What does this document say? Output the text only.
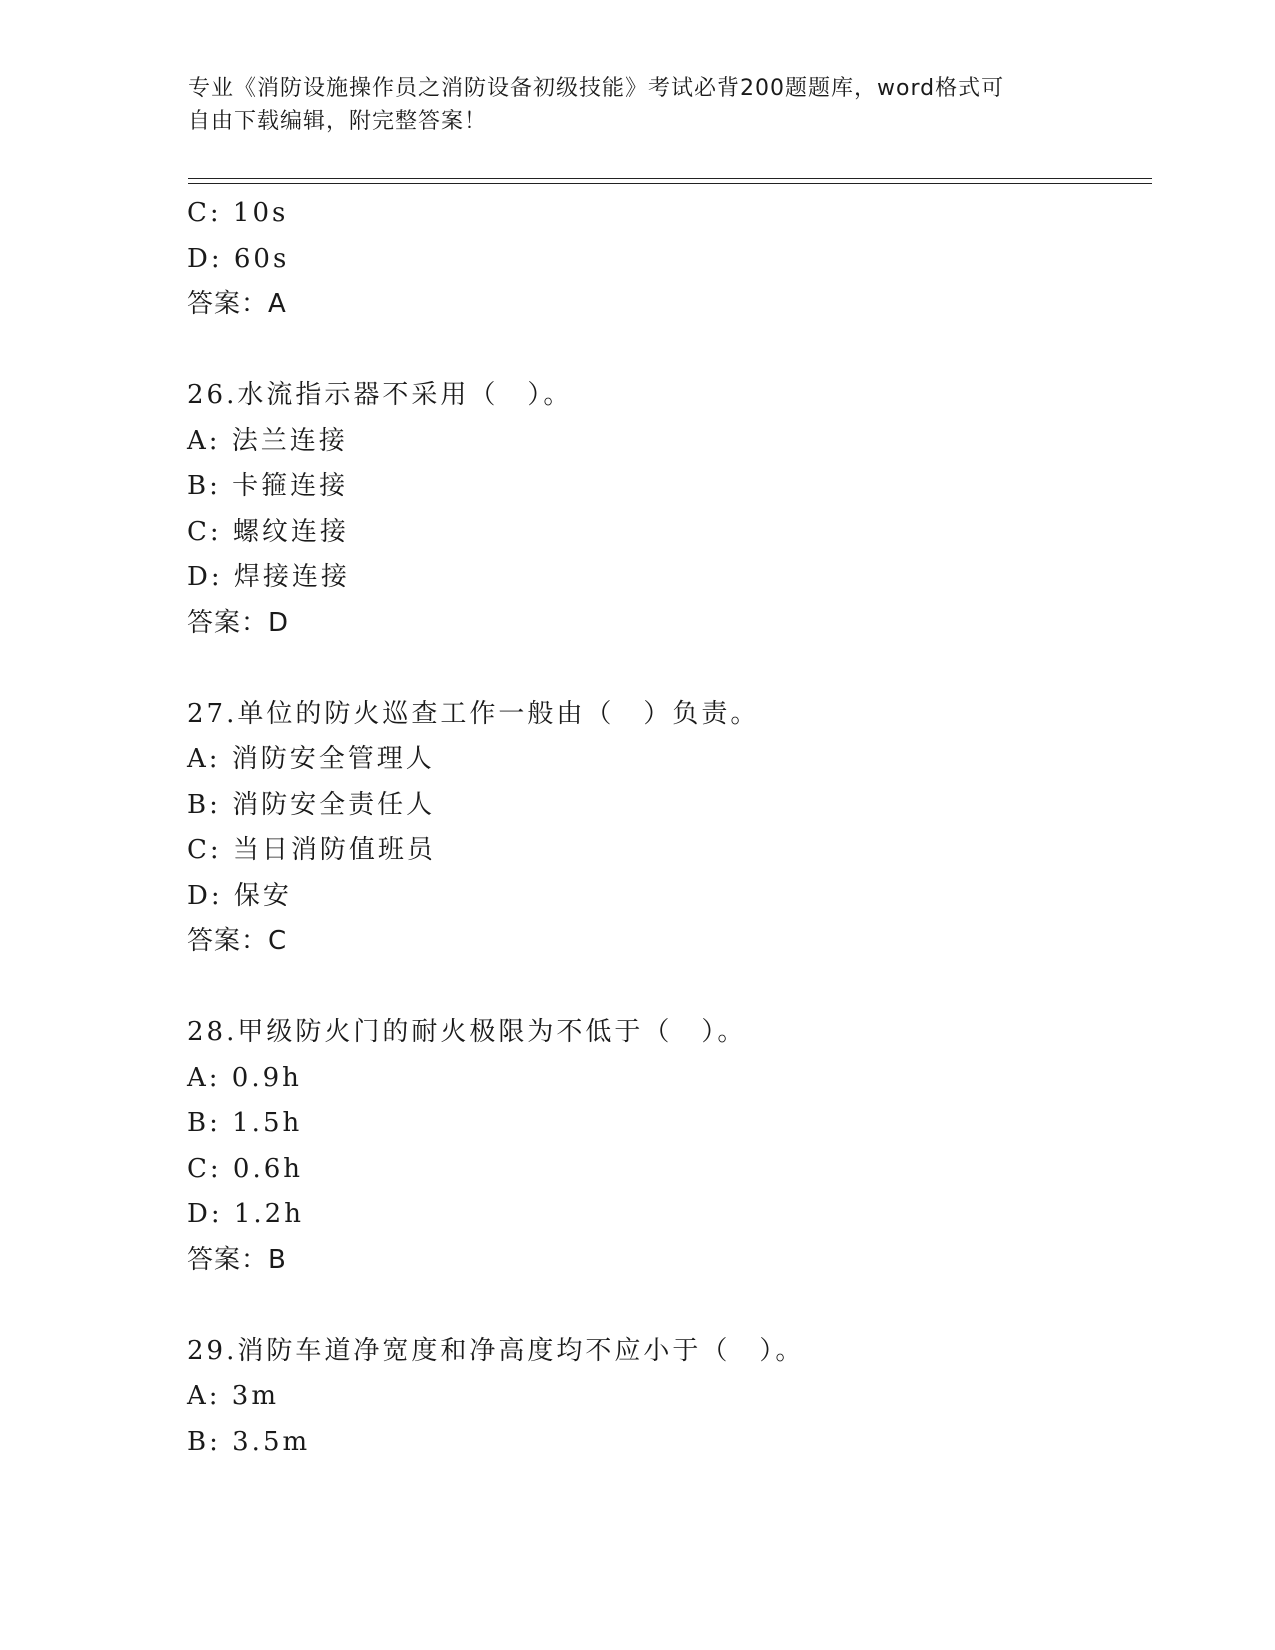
专业《消防设施操作员之消防设备初级技能》考试必背200题题库，word格式可
自由下载编辑，附完整答案！
C: 10s
D: 60s
答案：A
26.水流指示器不采用（　）。
A: 法兰连接
B: 卡箍连接
C: 螺纹连接
D: 焊接连接
答案：D
27.单位的防火巡查工作一般由（　）负责。
A: 消防安全管理人
B: 消防安全责任人
C: 当日消防值班员
D: 保安
答案：C
28.甲级防火门的耐火极限为不低于（　）。
A: 0.9h
B: 1.5h
C: 0.6h
D: 1.2h
答案：B
29.消防车道净宽度和净高度均不应小于（　）。
A: 3m
B: 3.5m
